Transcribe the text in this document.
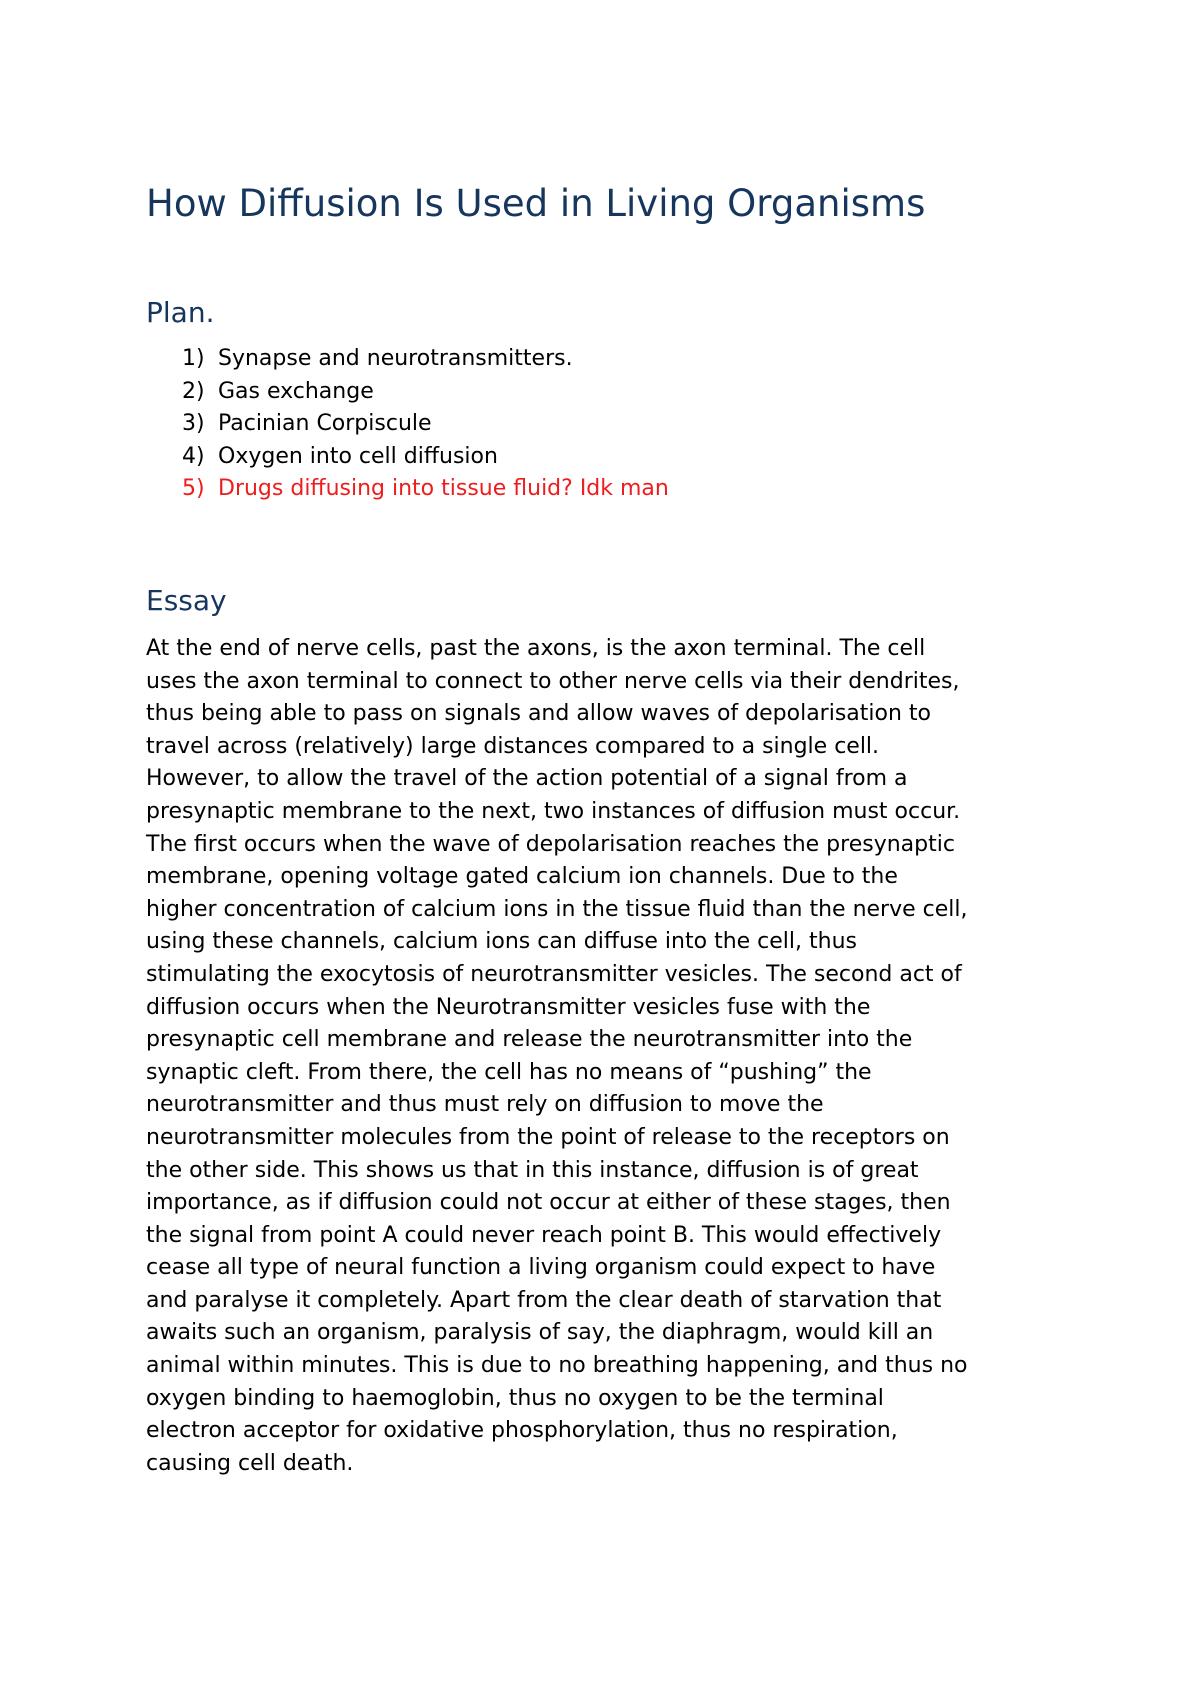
How Diffusion Is Used in Living Organisms
Plan.
1) Synapse and neurotransmitters.
2) Gas exchange
3) Pacinian Corpiscule
4) Oxygen into cell diffusion
5) Drugs diffusing into tissue fluid? Idk man
Essay

At the end of nerve cells, past the axons, is the axon terminal. The cell
uses the axon terminal to connect to other nerve cells via their dendrites,
thus being able to pass on signals and allow waves of depolarisation to
travel across (relatively) large distances compared to a single cell.
However, to allow the travel of the action potential of a signal from a
presynaptic membrane to the next, two instances of diffusion must occur.
The first occurs when the wave of depolarisation reaches the presynaptic
membrane, opening voltage gated calcium ion channels. Due to the
higher concentration of calcium ions in the tissue fluid than the nerve cell,
using these channels, calcium ions can diffuse into the cell, thus
stimulating the exocytosis of neurotransmitter vesicles. The second act of
diffusion occurs when the Neurotransmitter vesicles fuse with the
presynaptic cell membrane and release the neurotransmitter into the
synaptic cleft. From there, the cell has no means of “pushing” the
neurotransmitter and thus must rely on diffusion to move the
neurotransmitter molecules from the point of release to the receptors on
the other side. This shows us that in this instance, diffusion is of great
importance, as if diffusion could not occur at either of these stages, then
the signal from point A could never reach point B. This would effectively
cease all type of neural function a living organism could expect to have
and paralyse it completely. Apart from the clear death of starvation that
awaits such an organism, paralysis of say, the diaphragm, would kill an
animal within minutes. This is due to no breathing happening, and thus no
oxygen binding to haemoglobin, thus no oxygen to be the terminal
electron acceptor for oxidative phosphorylation, thus no respiration,
causing cell death.
